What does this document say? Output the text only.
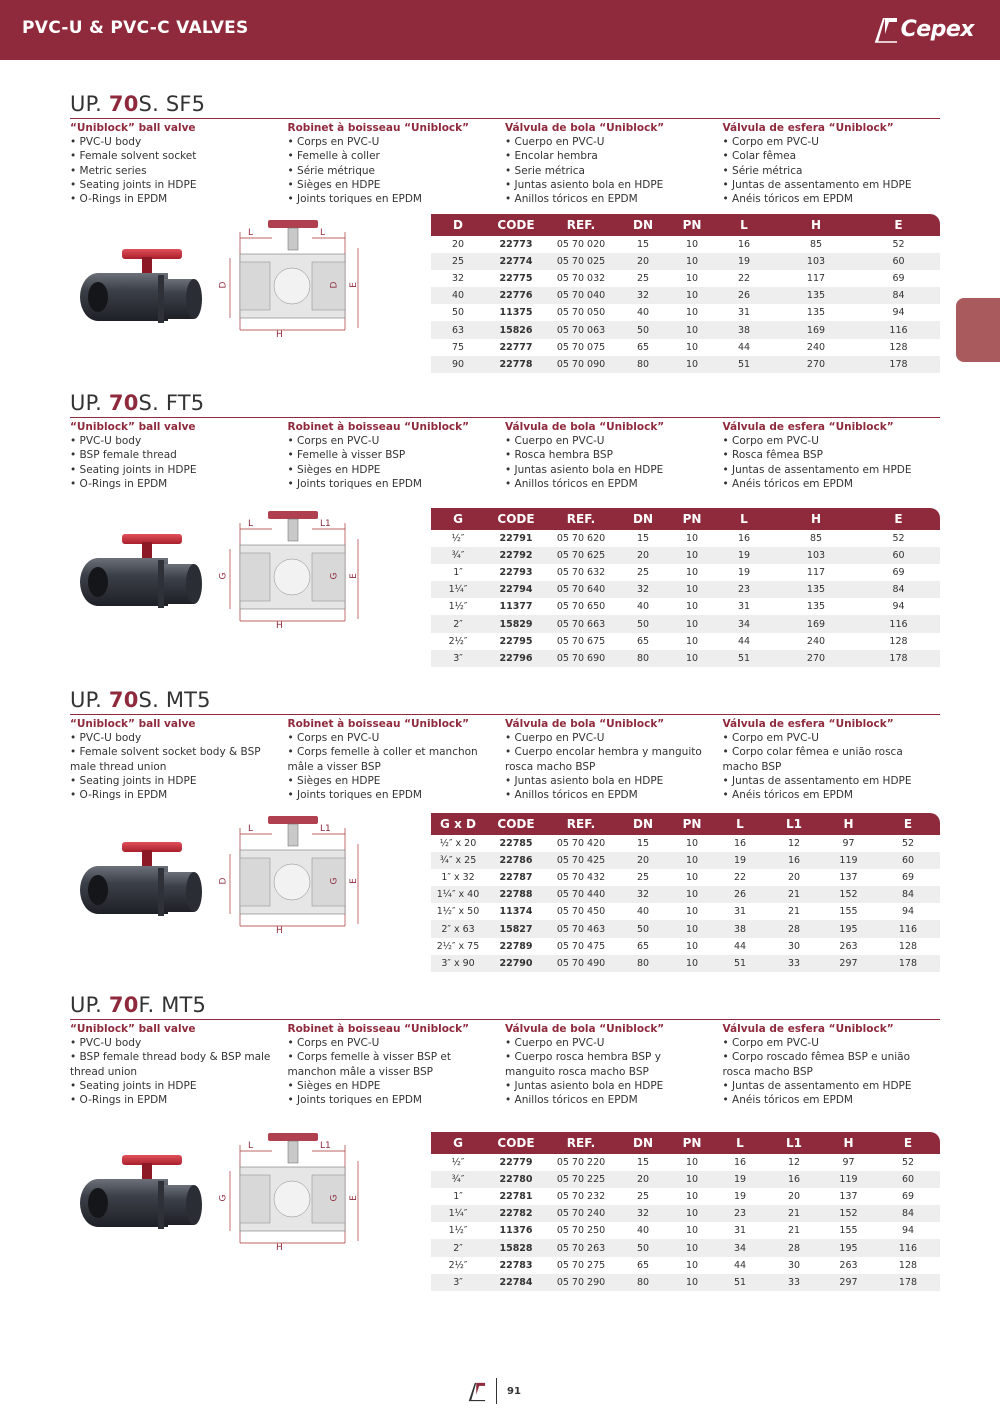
PVC-U & PVC-C VALVES	Cepex
UP. 70S. SF5
“Uniblock” ball valve
• PVC-U body
• Female solvent socket
• Metric series
• Seating joints in HDPE
• O-Rings in EPDM
Robinet à boisseau “Uniblock”
• Corps en PVC-U
• Femelle à coller
• Série métrique
• Sièges en HDPE
• Joints toriques en EPDM
Válvula de bola “Uniblock”
• Cuerpo en PVC-U
• Encolar hembra
• Serie métrica
• Juntas asiento bola en HDPE
• Anillos tóricos en EPDM
Válvula de esfera “Uniblock”
• Corpo em PVC-U
• Colar fêmea
• Série métrica
• Juntas de assentamento em HDPE
• Anéis tóricos em EPDM
L	L
D	D E
H
D	CODE	REF.	DN	PN	L	H	E
20	22773	05 70 020	15	10	16	85	52
25	22774	05 70 025	20	10	19	103	60
32	22775	05 70 032	25	10	22	117	69
40	22776	05 70 040	32	10	26	135	84
50	11375	05 70 050	40	10	31	135	94
63	15826	05 70 063	50	10	38	169	116
75	22777	05 70 075	65	10	44	240	128
90	22778	05 70 090	80	10	51	270	178
UP. 70S. FT5
“Uniblock” ball valve
• PVC-U body
• BSP female thread
• Seating joints in HDPE
• O-Rings in EPDM
Robinet à boisseau “Uniblock”
• Corps en PVC-U
• Femelle à visser BSP
• Sièges en HDPE
• Joints toriques en EPDM
Válvula de bola “Uniblock”
• Cuerpo en PVC-U
• Rosca hembra BSP
• Juntas asiento bola en HDPE
• Anillos tóricos en EPDM
Válvula de esfera “Uniblock”
• Corpo em PVC-U
• Rosca fêmea BSP
• Juntas de assentamento em HPDE
• Anéis tóricos em EPDM
L	L1
G	G E
H
G	CODE	REF.	DN	PN	L	H	E
½″	22791	05 70 620	15	10	16	85	52
¾″	22792	05 70 625	20	10	19	103	60
1″	22793	05 70 632	25	10	19	117	69
1¼″	22794	05 70 640	32	10	23	135	84
1½″	11377	05 70 650	40	10	31	135	94
2″	15829	05 70 663	50	10	34	169	116
2½″	22795	05 70 675	65	10	44	240	128
3″	22796	05 70 690	80	10	51	270	178
UP. 70S. MT5
“Uniblock” ball valve
• PVC-U body
• Female solvent socket body & BSP
male thread union
• Seating joints in HDPE
• O-Rings in EPDM
Robinet à boisseau “Uniblock”
• Corps en PVC-U
• Corps femelle à coller et manchon
mâle a visser BSP
• Sièges en HDPE
• Joints toriques en EPDM
Válvula de bola “Uniblock”
• Cuerpo en PVC-U
• Cuerpo encolar hembra y manguito
rosca macho BSP
• Juntas asiento bola en HDPE
• Anillos tóricos en EPDM
Válvula de esfera “Uniblock”
• Corpo em PVC-U
• Corpo colar fêmea e união rosca
macho BSP
• Juntas de assentamento em HDPE
• Anéis tóricos em EPDM
L	L1
D	G E
H
G x D	CODE	REF.	DN	PN	L	L1	H	E
½″ x 20	22785	05 70 420	15	10	16	12	97	52
¾″ x 25	22786	05 70 425	20	10	19	16	119	60
1″ x 32	22787	05 70 432	25	10	22	20	137	69
1¼″ x 40	22788	05 70 440	32	10	26	21	152	84
1½″ x 50	11374	05 70 450	40	10	31	21	155	94
2″ x 63	15827	05 70 463	50	10	38	28	195	116
2½″ x 75	22789	05 70 475	65	10	44	30	263	128
3″ x 90	22790	05 70 490	80	10	51	33	297	178
UP. 70F. MT5
“Uniblock” ball valve
• PVC-U body
• BSP female thread body & BSP male
thread union
• Seating joints in HDPE
• O-Rings in EPDM
Robinet à boisseau “Uniblock”
• Corps en PVC-U
• Corps femelle à visser BSP et
manchon mâle a visser BSP
• Sièges en HDPE
• Joints toriques en EPDM
Válvula de bola “Uniblock”
• Cuerpo en PVC-U
• Cuerpo rosca hembra BSP y
manguito rosca macho BSP
• Juntas asiento bola en HDPE
• Anillos tóricos en EPDM
Válvula de esfera “Uniblock”
• Corpo em PVC-U
• Corpo roscado fêmea BSP e união
rosca macho BSP
• Juntas de assentamento em HDPE
• Anéis tóricos em EPDM
L	L1
G	G E
H
G	CODE	REF.	DN	PN	L	L1	H	E
½″	22779	05 70 220	15	10	16	12	97	52
¾″	22780	05 70 225	20	10	19	16	119	60
1″	22781	05 70 232	25	10	19	20	137	69
1¼″	22782	05 70 240	32	10	23	21	152	84
1½″	11376	05 70 250	40	10	31	21	155	94
2″	15828	05 70 263	50	10	34	28	195	116
2½″	22783	05 70 275	65	10	44	30	263	128
3″	22784	05 70 290	80	10	51	33	297	178
91
